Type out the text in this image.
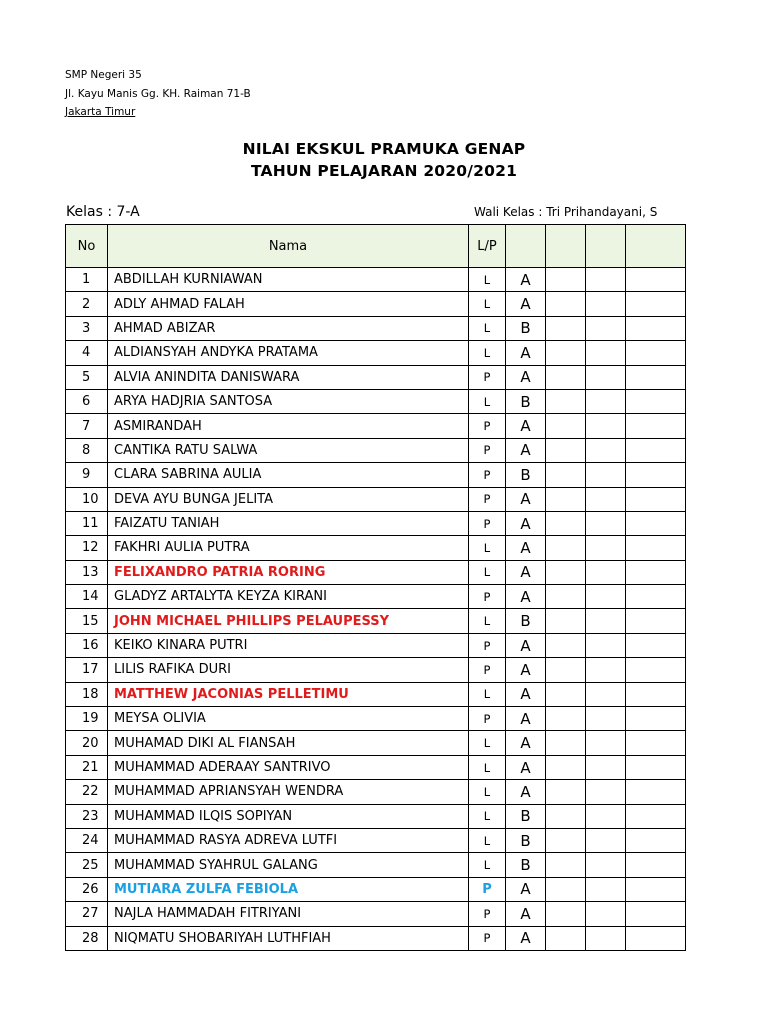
SMP Negeri 35
Jl. Kayu Manis Gg. KH. Raiman 71-B
Jakarta Timur
NILAI EKSKUL PRAMUKA GENAP
TAHUN PELAJARAN 2020/2021
Kelas : 7-A	Wali Kelas : Tri Prihandayani, S
No	Nama	L/P				
1	ABDILLAH KURNIAWAN	L	A			
2	ADLY AHMAD FALAH	L	A			
3	AHMAD ABIZAR	L	B			
4	ALDIANSYAH ANDYKA PRATAMA	L	A			
5	ALVIA ANINDITA DANISWARA	P	A			
6	ARYA HADJRIA SANTOSA	L	B			
7	ASMIRANDAH	P	A			
8	CANTIKA RATU SALWA	P	A			
9	CLARA SABRINA AULIA	P	B			
10	DEVA AYU BUNGA JELITA	P	A			
11	FAIZATU TANIAH	P	A			
12	FAKHRI AULIA PUTRA	L	A			
13	FELIXANDRO PATRIA RORING	L	A			
14	GLADYZ ARTALYTA KEYZA KIRANI	P	A			
15	JOHN MICHAEL PHILLIPS PELAUPESSY	L	B			
16	KEIKO KINARA PUTRI	P	A			
17	LILIS RAFIKA DURI	P	A			
18	MATTHEW JACONIAS PELLETIMU	L	A			
19	MEYSA OLIVIA	P	A			
20	MUHAMAD DIKI AL FIANSAH	L	A			
21	MUHAMMAD ADERAAY SANTRIVO	L	A			
22	MUHAMMAD APRIANSYAH WENDRA	L	A			
23	MUHAMMAD ILQIS SOPIYAN	L	B			
24	MUHAMMAD RASYA ADREVA LUTFI	L	B			
25	MUHAMMAD SYAHRUL GALANG	L	B			
26	MUTIARA ZULFA FEBIOLA	P	A			
27	NAJLA HAMMADAH FITRIYANI	P	A			
28	NIQMATU SHOBARIYAH LUTHFIAH	P	A			
